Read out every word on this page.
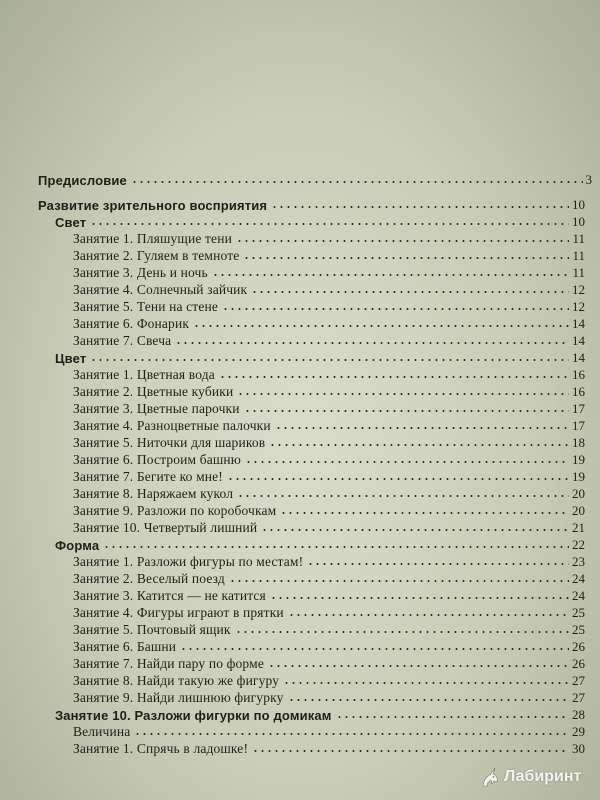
Предисловие	3
Развитие зрительного восприятия	10
Свет	10
Занятие 1. Пляшущие тени	11
Занятие 2. Гуляем в темноте	11
Занятие 3. День и ночь	11
Занятие 4. Солнечный зайчик	12
Занятие 5. Тени на стене	12
Занятие 6. Фонарик	14
Занятие 7. Свеча	14
Цвет	14
Занятие 1. Цветная вода	16
Занятие 2. Цветные кубики	16
Занятие 3. Цветные парочки	17
Занятие 4. Разноцветные палочки	17
Занятие 5. Ниточки для шариков	18
Занятие 6. Построим башню	19
Занятие 7. Бегите ко мне!	19
Занятие 8. Наряжаем кукол	20
Занятие 9. Разложи по коробочкам	20
Занятие 10. Четвертый лишний	21
Форма	22
Занятие 1. Разложи фигуры по местам!	23
Занятие 2. Веселый поезд	24
Занятие 3. Катится — не катится	24
Занятие 4. Фигуры играют в прятки	25
Занятие 5. Почтовый ящик	25
Занятие 6. Башни	26
Занятие 7. Найди пару по форме	26
Занятие 8. Найди такую же фигуру	27
Занятие 9. Найди лишнюю фигурку	27
Занятие 10. Разложи фигурки по домикам	28
Величина	29
Занятие 1. Спрячь в ладошке!	30
Лабиринт
